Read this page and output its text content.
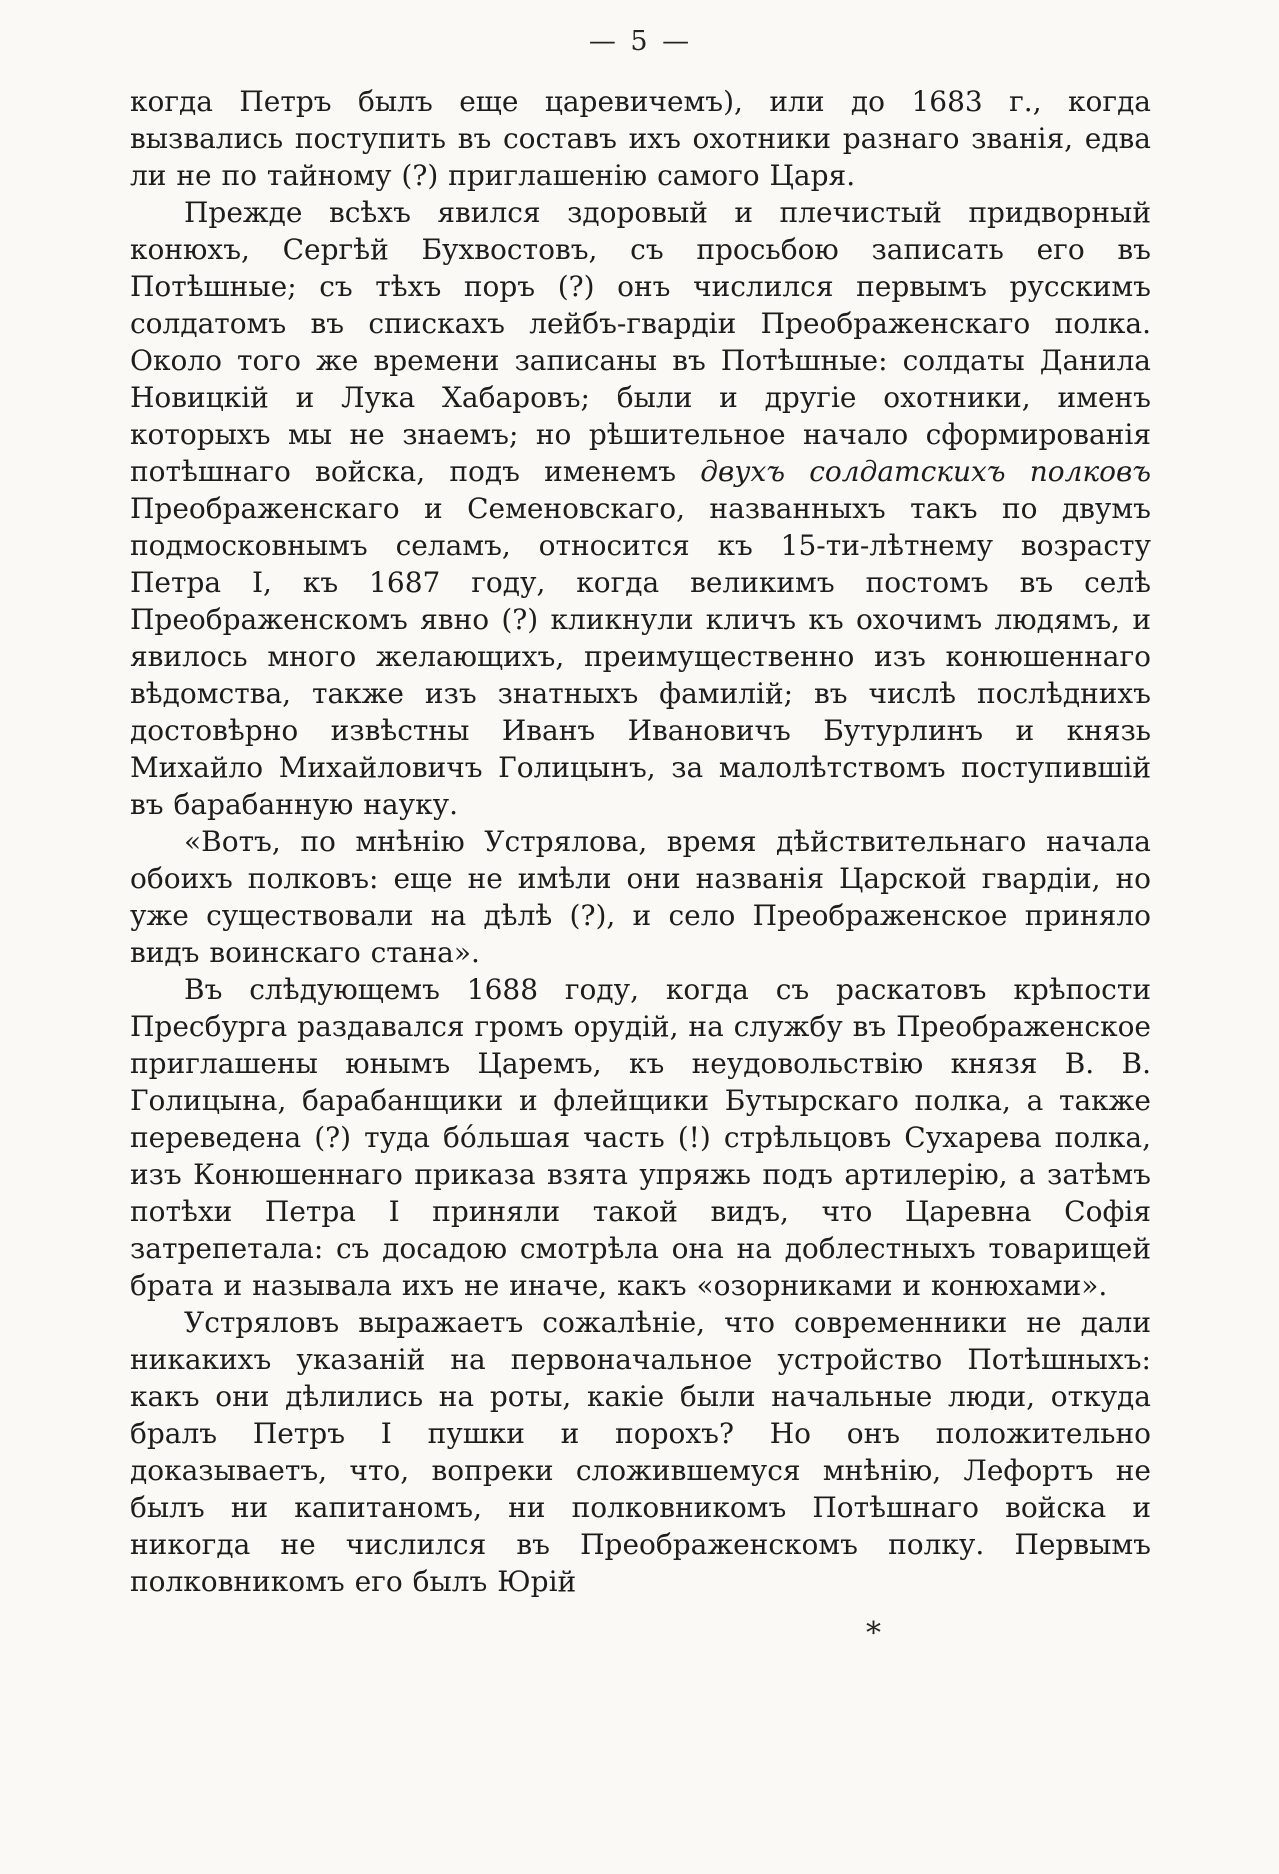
— 5 —

когда Петръ былъ еще царевичемъ), или до 1683 г., когда вызвались поступить въ составъ ихъ охотники разнаго званія, едва ли не по тайному (?) приглашенію самого Царя.

Прежде всѣхъ явился здоровый и плечистый придворный конюхъ, Сергѣй Бухвостовъ, съ просьбою записать его въ Потѣшные; съ тѣхъ поръ (?) онъ числился первымъ русскимъ солдатомъ въ спискахъ лейбъ-гвардіи Преображенскаго полка. Около того же времени записаны въ Потѣшные: солдаты Данила Новицкій и Лука Хабаровъ; были и другіе охотники, именъ которыхъ мы не знаемъ; но рѣшительное начало сформированія потѣшнаго войска, подъ именемъ двухъ солдатскихъ полковъ Преображенскаго и Семеновскаго, названныхъ такъ по двумъ подмосковнымъ селамъ, относится къ 15-ти-лѣтнему возрасту Петра I, къ 1687 году, когда великимъ постомъ въ селѣ Преображенскомъ явно (?) кликнули кличъ къ охочимъ людямъ, и явилось много желающихъ, преимущественно изъ конюшеннаго вѣдомства, также изъ знатныхъ фамилій; въ числѣ послѣднихъ достовѣрно извѣстны Иванъ Ивановичъ Бутурлинъ и князь Михайло Михайловичъ Голицынъ, за малолѣтствомъ поступившій въ барабанную науку.

«Вотъ, по мнѣнію Устрялова, время дѣйствительнаго начала обоихъ полковъ: еще не имѣли они названія Царской гвардіи, но уже существовали на дѣлѣ (?), и село Преображенское приняло видъ воинскаго стана».

Въ слѣдующемъ 1688 году, когда съ раскатовъ крѣпости Пресбурга раздавался громъ орудій, на службу въ Преображенское приглашены юнымъ Царемъ, къ неудовольствію князя В. В. Голицына, барабанщики и флейщики Бутырскаго полка, а также переведена (?) туда бо́льшая часть (!) стрѣльцовъ Сухарева полка, изъ Конюшеннаго приказа взята упряжь подъ артилерію, а затѣмъ потѣхи Петра I приняли такой видъ, что Царевна Софія затрепетала: съ досадою смотрѣла она на доблестныхъ товарищей брата и называла ихъ не иначе, какъ «озорниками и конюхами».

Устряловъ выражаетъ сожалѣніе, что современники не дали никакихъ указаній на первоначальное устройство Потѣшныхъ: какъ они дѣлились на роты, какіе были начальные люди, откуда бралъ Петръ I пушки и порохъ? Но онъ положительно доказываетъ, что, вопреки сложившемуся мнѣнію, Лефортъ не былъ ни капитаномъ, ни полковникомъ Потѣшнаго войска и никогда не числился въ Преображенскомъ полку. Первымъ полковникомъ его былъ Юрій

*
